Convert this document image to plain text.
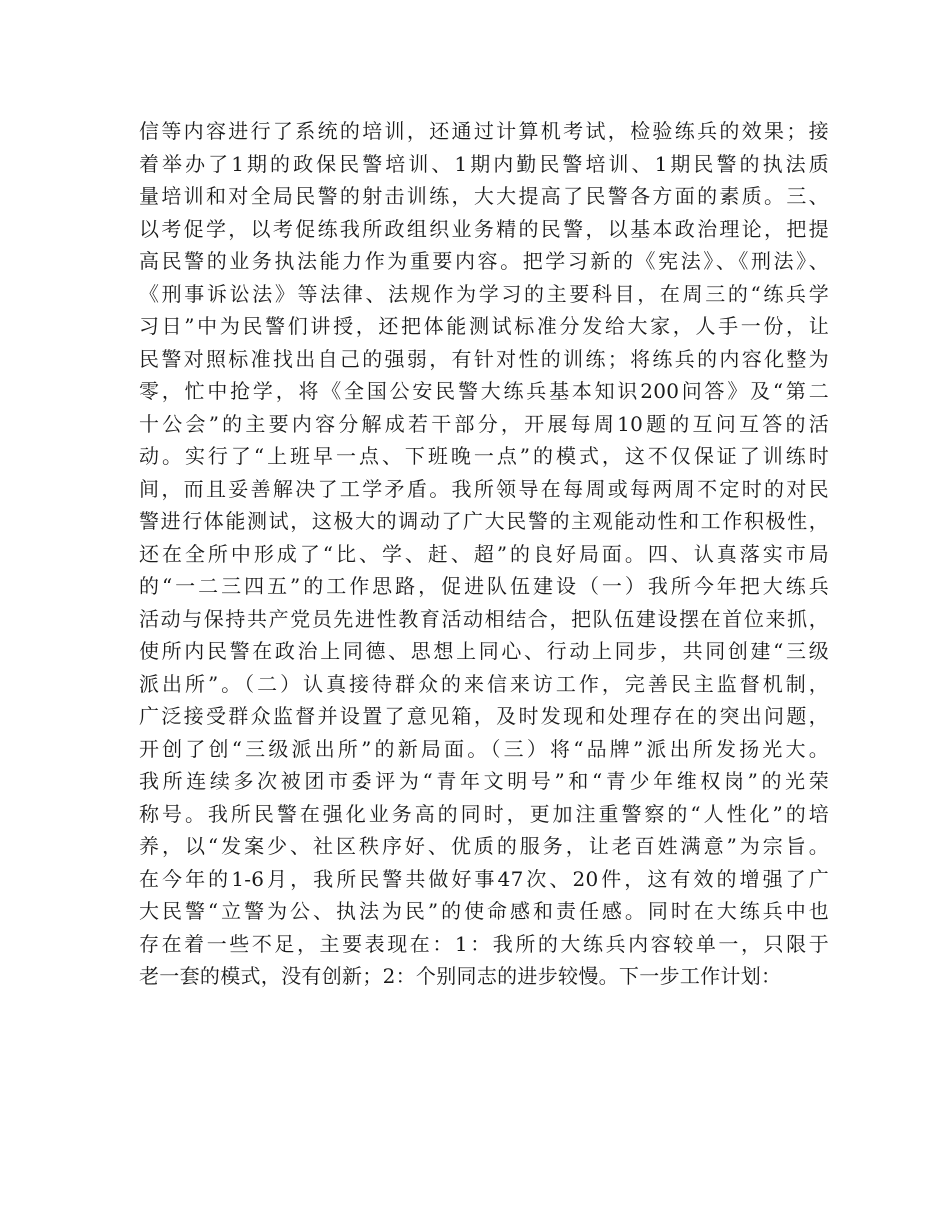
信等内容进行了系统的培训，还通过计算机考试，检验练兵的效果；接
着举办了1期的政保民警培训、1期内勤民警培训、1期民警的执法质
量培训和对全局民警的射击训练，大大提高了民警各方面的素质。三、
以考促学，以考促练我所政组织业务精的民警，以基本政治理论，把提
高民警的业务执法能力作为重要内容。把学习新的《宪法》、《刑法》、
《刑事诉讼法》等法律、法规作为学习的主要科目，在周三的“练兵学
习日”中为民警们讲授，还把体能测试标准分发给大家，人手一份，让
民警对照标准找出自己的强弱，有针对性的训练；将练兵的内容化整为
零，忙中抢学，将《全国公安民警大练兵基本知识200问答》及“第二
十公会”的主要内容分解成若干部分，开展每周10题的互问互答的活
动。实行了“上班早一点、下班晚一点”的模式，这不仅保证了训练时
间，而且妥善解决了工学矛盾。我所领导在每周或每两周不定时的对民
警进行体能测试，这极大的调动了广大民警的主观能动性和工作积极性，
还在全所中形成了“比、学、赶、超”的良好局面。四、认真落实市局
的“一二三四五”的工作思路，促进队伍建设（一）我所今年把大练兵
活动与保持共产党员先进性教育活动相结合，把队伍建设摆在首位来抓，
使所内民警在政治上同德、思想上同心、行动上同步，共同创建“三级
派出所”。（二）认真接待群众的来信来访工作，完善民主监督机制，
广泛接受群众监督并设置了意见箱，及时发现和处理存在的突出问题，
开创了创“三级派出所”的新局面。（三）将“品牌”派出所发扬光大。
我所连续多次被团市委评为“青年文明号”和“青少年维权岗”的光荣
称号。我所民警在强化业务高的同时，更加注重警察的“人性化”的培
养，以“发案少、社区秩序好、优质的服务，让老百姓满意”为宗旨。
在今年的1-6月，我所民警共做好事47次、20件，这有效的增强了广
大民警“立警为公、执法为民”的使命感和责任感。同时在大练兵中也
存在着一些不足，主要表现在：1：我所的大练兵内容较单一，只限于
老一套的模式，没有创新；2：个别同志的进步较慢。下一步工作计划：
